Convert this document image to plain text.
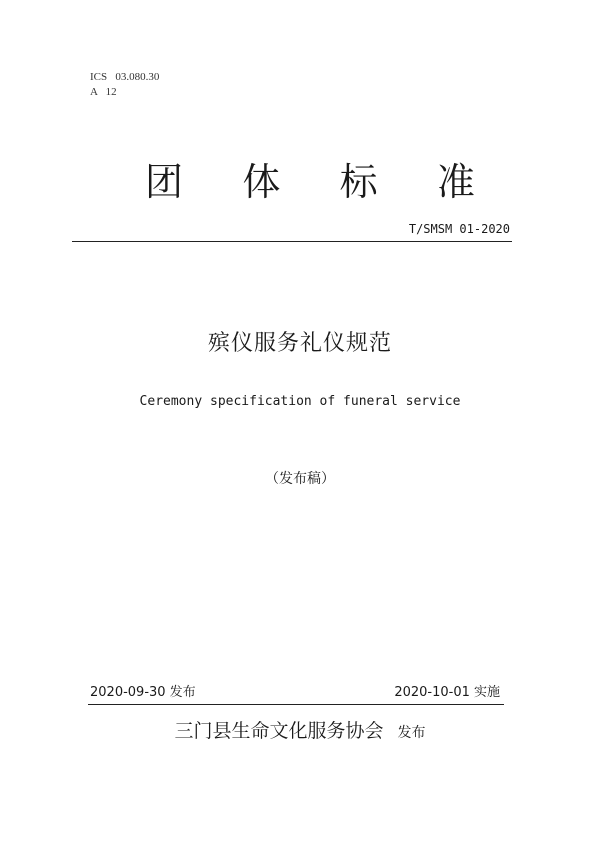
ICS   03.080.30
A   12
团 体 标 准
T/SMSM 01-2020
殡仪服务礼仪规范
Ceremony specification of funeral service
（发布稿）
2020-09-30 发布	2020-10-01 实施
三门县生命文化服务协会 发布
